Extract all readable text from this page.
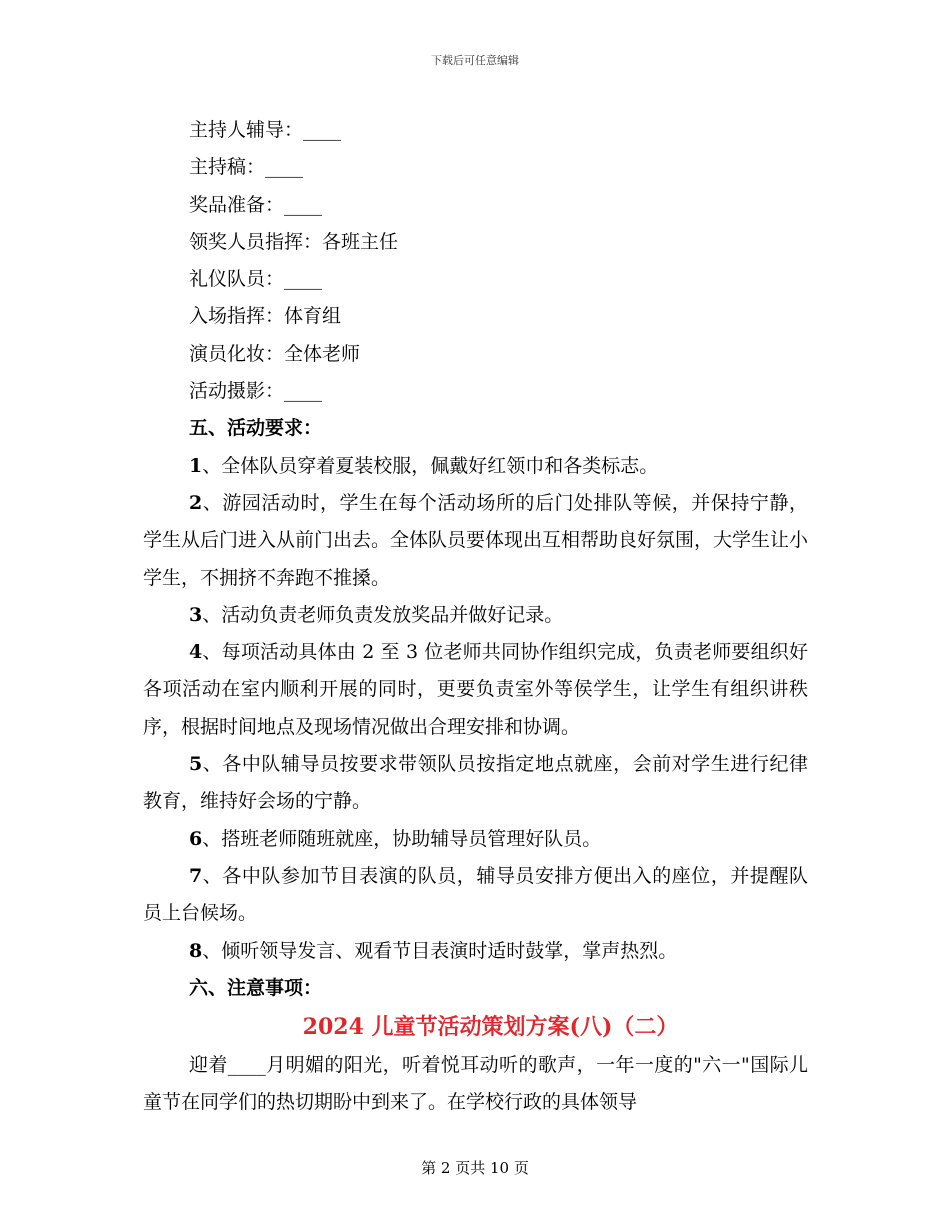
下载后可任意编辑

主持人辅导：____

主持稿：____

奖品准备：____

领奖人员指挥：各班主任

礼仪队员：____

入场指挥：体育组

演员化妆：全体老师

活动摄影：____

五、活动要求：

1、全体队员穿着夏装校服，佩戴好红领巾和各类标志。

2、游园活动时，学生在每个活动场所的后门处排队等候，并保持宁静，学生从后门进入从前门出去。全体队员要体现出互相帮助良好氛围，大学生让小学生，不拥挤不奔跑不推搡。

3、活动负责老师负责发放奖品并做好记录。

4、每项活动具体由 2 至 3 位老师共同协作组织完成，负责老师要组织好各项活动在室内顺利开展的同时，更要负责室外等侯学生，让学生有组织讲秩序，根据时间地点及现场情况做出合理安排和协调。

5、各中队辅导员按要求带领队员按指定地点就座，会前对学生进行纪律教育，维持好会场的宁静。

6、搭班老师随班就座，协助辅导员管理好队员。

7、各中队参加节目表演的队员，辅导员安排方便出入的座位，并提醒队员上台候场。

8、倾听领导发言、观看节目表演时适时鼓掌，掌声热烈。

六、注意事项：

2024 儿童节活动策划方案(八)（二）

迎着____月明媚的阳光，听着悦耳动听的歌声，一年一度的"六一"国际儿童节在同学们的热切期盼中到来了。在学校行政的具体领导

第 2 页共 10 页
